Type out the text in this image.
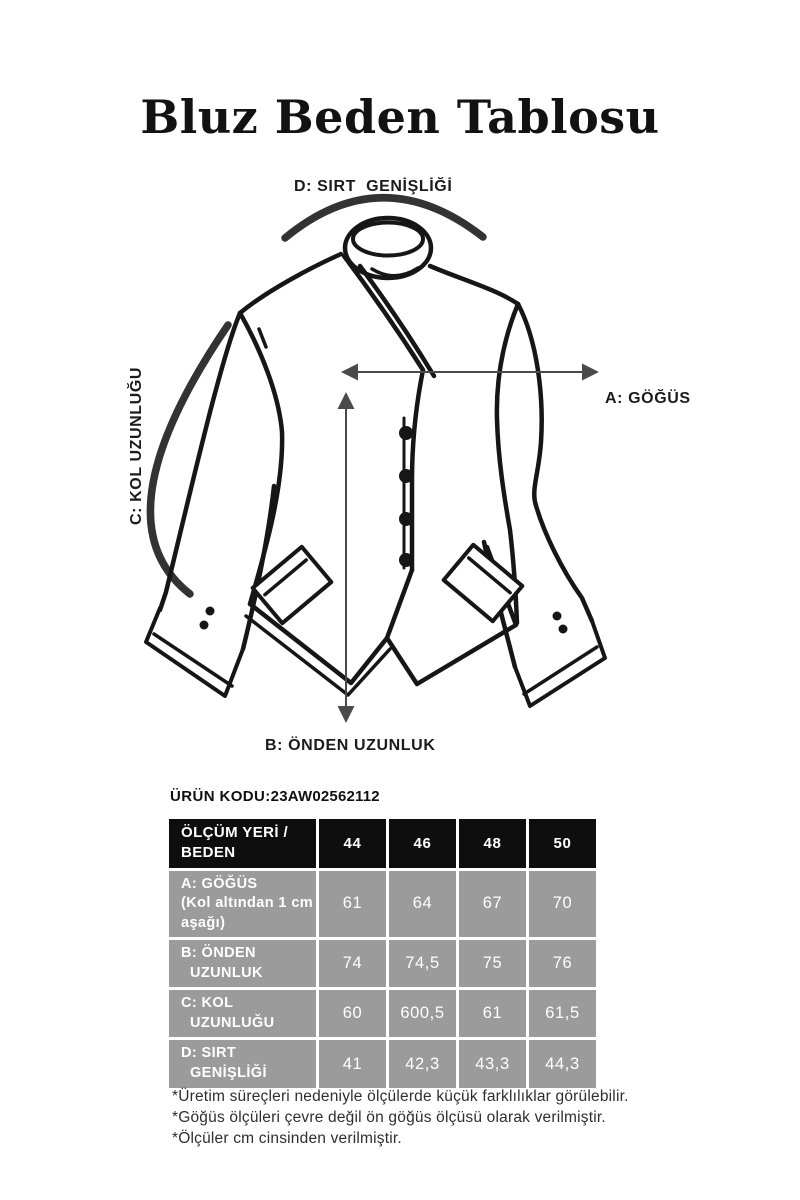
Bluz Beden Tablosu
D: SIRT  GENİŞLİĞİ
A: GÖĞÜS
B: ÖNDEN UZUNLUK
C: KOL UZUNLUĞU
ÜRÜN KODU:23AW02562112
ÖLÇÜM YERİ /
BEDEN	44	46	48	50

A: GÖĞÜS
(Kol altından 1 cm
aşağı)	61	64	67	70

B: ÖNDEN
UZUNLUK	74	74,5	75	76

C: KOL
UZUNLUĞU	60	600,5	61	61,5

D: SIRT
GENİŞLİĞİ	41	42,3	43,3	44,3
*Üretim süreçleri nedeniyle ölçülerde küçük farklılıklar görülebilir.
*Göğüs ölçüleri çevre değil ön göğüs ölçüsü olarak verilmiştir.
*Ölçüler cm cinsinden verilmiştir.
